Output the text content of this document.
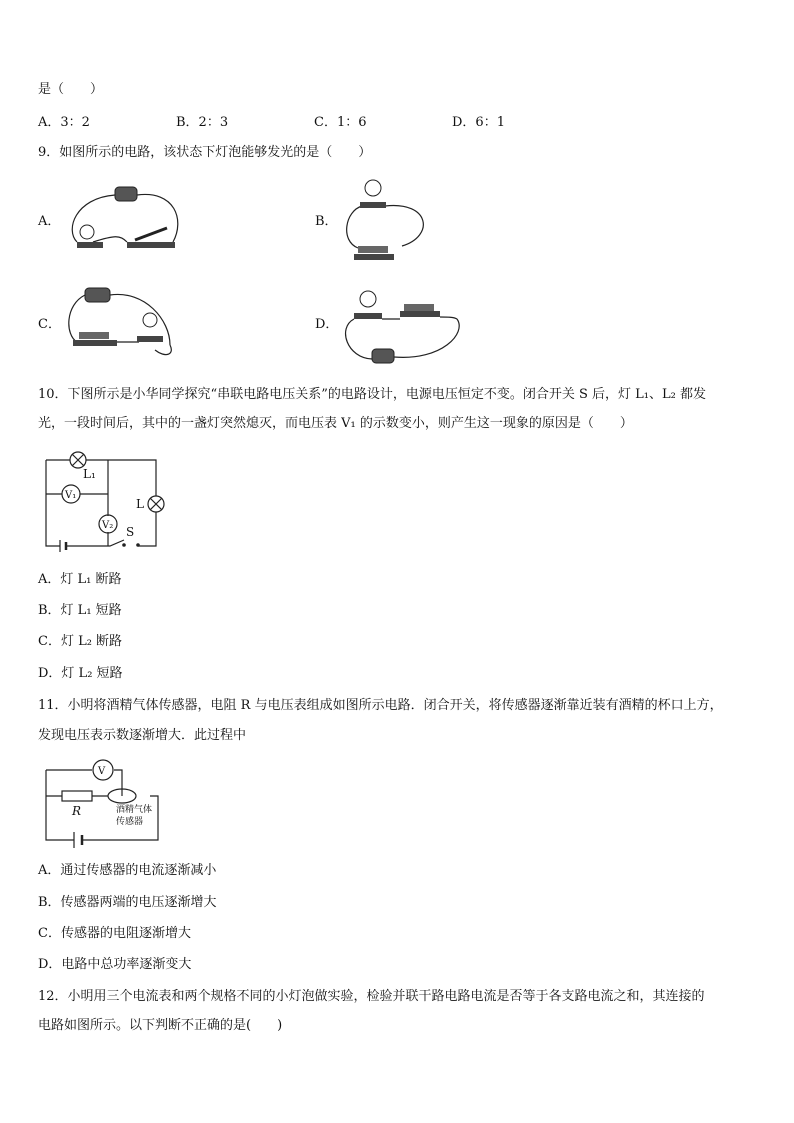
是（　　）
A．3：2	B．2：3	C．1：6	D．6：1
9．如图所示的电路，该状态下灯泡能够发光的是（　　）
A．	B．
C．	D．
10．下图所示是小华同学探究“串联电路电压关系”的电路设计，电源电压恒定不变。闭合开关 S 后，灯 L₁、L₂ 都发
光，一段时间后，其中的一盏灯突然熄灭，而电压表 V₁ 的示数变小，则产生这一现象的原因是（　　）
L₁
L
V₁
V₂ S
A．灯 L₁ 断路
B．灯 L₁ 短路
C．灯 L₂ 断路
D．灯 L₂ 短路
11．小明将酒精气体传感器，电阻 R 与电压表组成如图所示电路．闭合开关，将传感器逐渐靠近装有酒精的杯口上方，
发现电压表示数逐渐增大．此过程中
V
R	酒精气体
传感器
A．通过传感器的电流逐渐减小
B．传感器两端的电压逐渐增大
C．传感器的电阻逐渐增大
D．电路中总功率逐渐变大
12．小明用三个电流表和两个规格不同的小灯泡做实验，检验并联干路电路电流是否等于各支路电流之和，其连接的
电路如图所示。以下判断不正确的是(　　)
